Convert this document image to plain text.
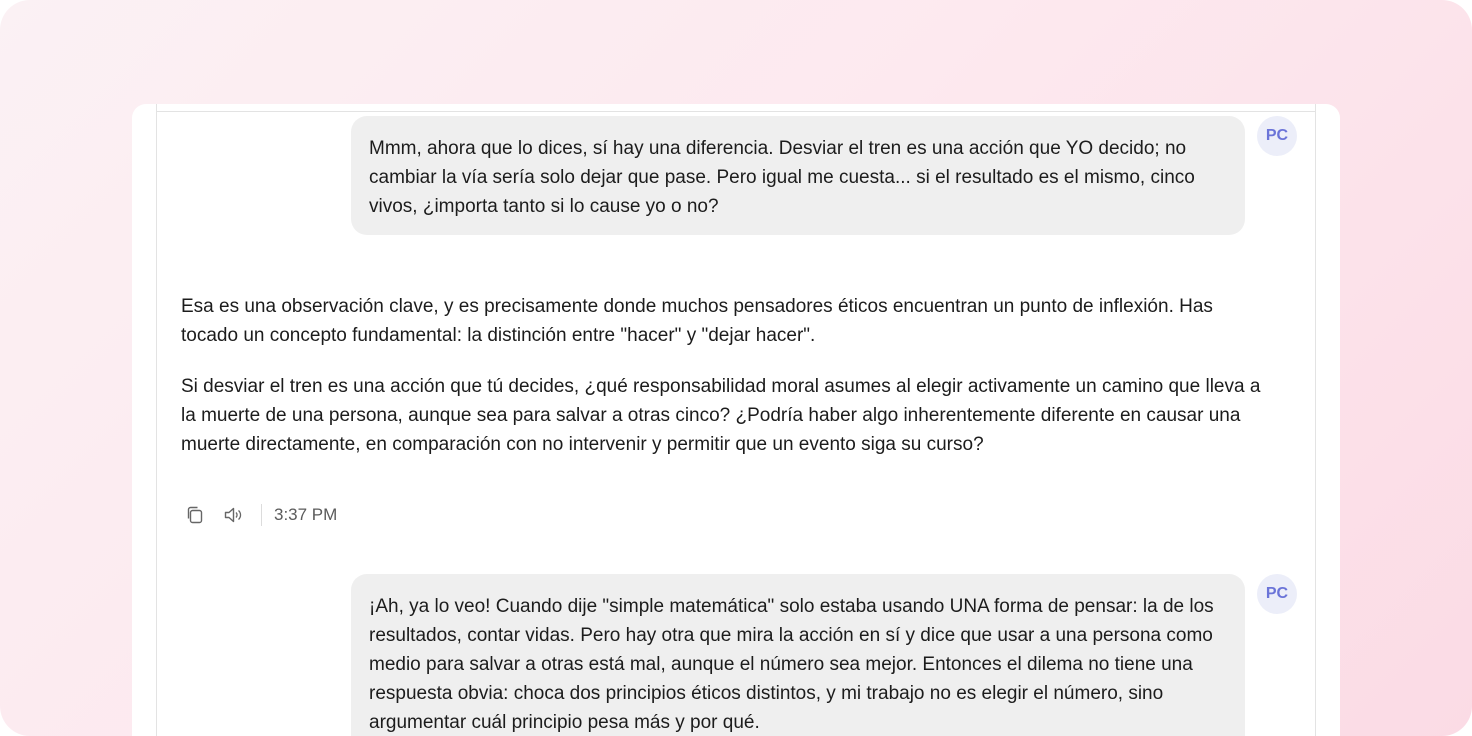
Mmm, ahora que lo dices, sí hay una diferencia. Desviar el tren es una acción que YO decido; no cambiar la vía sería solo dejar que pase. Pero igual me cuesta... si el resultado es el mismo, cinco vivos, ¿importa tanto si lo cause yo o no?
PC

Esa es una observación clave, y es precisamente donde muchos pensadores éticos encuentran un punto de inflexión. Has tocado un concepto fundamental: la distinción entre "hacer" y "dejar hacer".

Si desviar el tren es una acción que tú decides, ¿qué responsabilidad moral asumes al elegir activamente un camino que lleva a la muerte de una persona, aunque sea para salvar a otras cinco? ¿Podría haber algo inherentemente diferente en causar una muerte directamente, en comparación con no intervenir y permitir que un evento siga su curso?

3:37 PM
¡Ah, ya lo veo! Cuando dije "simple matemática" solo estaba usando UNA forma de pensar: la de los resultados, contar vidas. Pero hay otra que mira la acción en sí y dice que usar a una persona como medio para salvar a otras está mal, aunque el número sea mejor. Entonces el dilema no tiene una respuesta obvia: choca dos principios éticos distintos, y mi trabajo no es elegir el número, sino argumentar cuál principio pesa más y por qué.
PC
